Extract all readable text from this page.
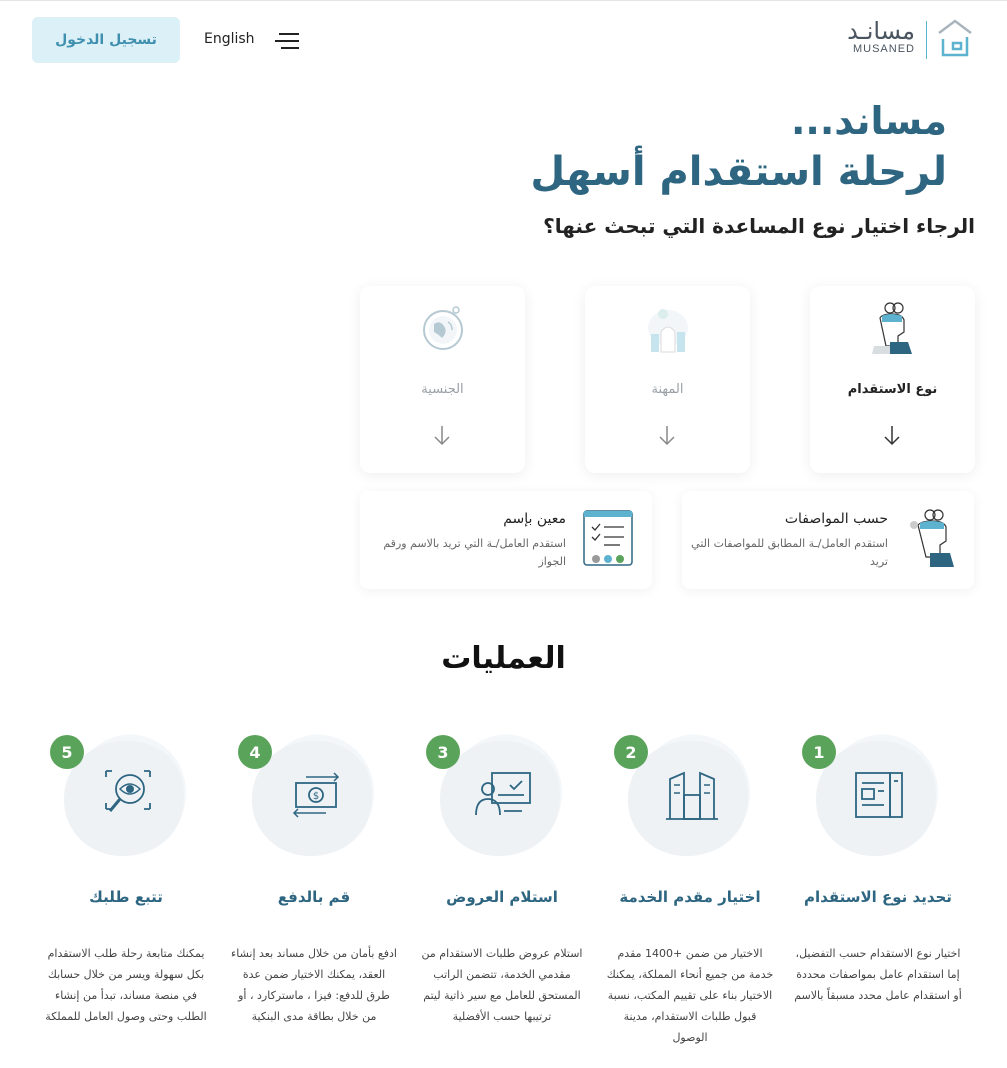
تسجيل الدخول	English	مسانـد
MUSANED
مساند...
لرحلة استقدام أسهل
الرجاء اختيار نوع المساعدة التي تبحث عنها؟
نوع الاستقدام
المهنة
الجنسية
حسب المواصفات
استقدم العامل/ـة المطابق للمواصفات التي تريد
معين بإسم
استقدم العامل/ـة التي تريد بالاسم ورقم الجواز
العمليات
1
تحديد نوع الاستقدام
اختيار نوع الاستقدام حسب التفضيل، إما استقدام عامل بمواصفات محددة أو استقدام عامل محدد مسبقاً بالاسم
2
اختيار مقدم الخدمة
الاختيار من ضمن +1400 مقدم خدمة من جميع أنحاء المملكة، يمكنك الاختيار بناء على تقييم المكتب، نسبة قبول طلبات الاستقدام، مدينة الوصول
3
استلام العروض
استلام عروض طلبات الاستقدام من مقدمي الخدمة، تتضمن الراتب المستحق للعامل مع سير ذاتية ليتم ترتيبها حسب الأفضلية
4
$
قم بالدفع
ادفع بأمان من خلال مساند بعد إنشاء العقد، يمكنك الاختيار ضمن عدة طرق للدفع: فيزا ، ماستركارد ، أو من خلال بطاقة مدى البنكية
5
تتبع طلبك
يمكنك متابعة رحلة طلب الاستقدام بكل سهولة ويسر من خلال حسابك في منصة مساند، تبدأ من إنشاء الطلب وحتى وصول العامل للمملكة
